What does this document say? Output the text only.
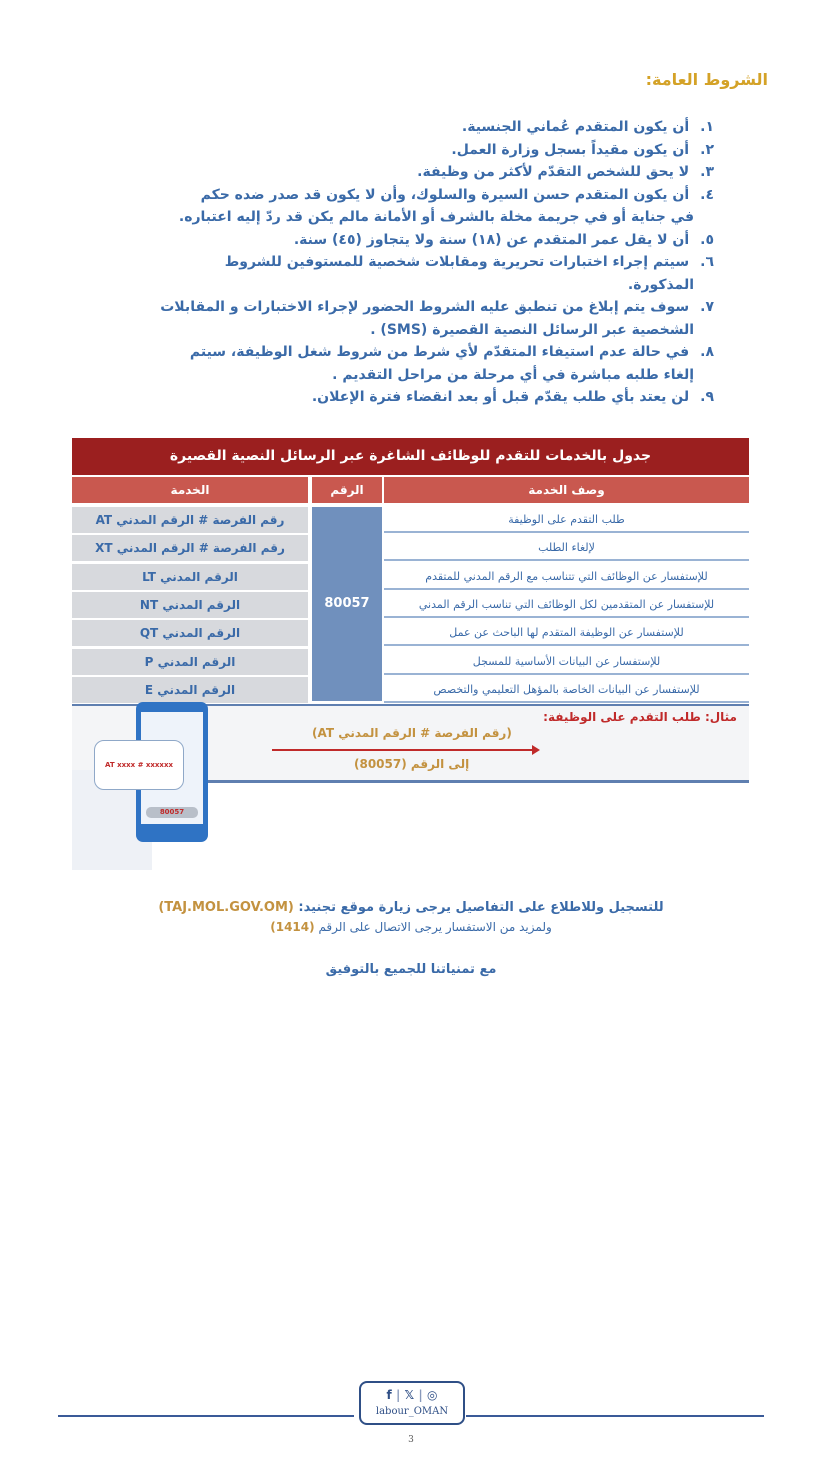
الشروط العامة:
١. أن يكون المتقدم عُماني الجنسية.
٢. أن يكون مقيداً بسجل وزارة العمل.
٣. لا يحق للشخص التقدّم لأكثر من وظيفة.
٤. أن يكون المتقدم حسن السيرة والسلوك، وأن لا يكون قد صدر ضده حكم
في جناية أو في جريمة مخلة بالشرف أو الأمانة مالم يكن قد ردّ إليه اعتباره.
٥. أن لا يقل عمر المتقدم عن (١٨) سنة ولا يتجاوز (٤٥) سنة.
٦. سيتم إجراء اختبارات تحريرية ومقابلات شخصية للمستوفين للشروط
المذكورة.
٧. سوف يتم إبلاغ من تنطبق عليه الشروط الحضور لإجراء الاختبارات و المقابلات
الشخصية عبر الرسائل النصية القصيرة (SMS) .
٨. في حالة عدم استيفاء المتقدّم لأي شرط من شروط شغل الوظيفة، سيتم
إلغاء طلبه مباشرة في أي مرحلة من مراحل التقديم .
٩. لن يعتد بأي طلب يقدّم قبل أو بعد انقضاء فترة الإعلان.
جدول بالخدمات للتقدم للوظائف الشاغرة عبر الرسائل النصية القصيرة
الخدمة	الرقم	وصف الخدمة
80057
رقم الفرصة # الرقم المدني AT	طلب التقدم على الوظيفة
رقم الفرصة # الرقم المدني XT	لإلغاء الطلب
الرقم المدني LT	للإستفسار عن الوظائف التي تتناسب مع الرقم المدني للمتقدم
الرقم المدني NT	للإستفسار عن المتقدمين لكل الوظائف التي تناسب الرقم المدني
الرقم المدني QT	للإستفسار عن الوظيفة المتقدم لها الباحث عن عمل
الرقم المدني P	للإستفسار عن البيانات الأساسية للمسجل
الرقم المدني E	للإستفسار عن البيانات الخاصة بالمؤهل التعليمي والتخصص
مثال: طلب التقدم على الوظيفة:
(رقم الفرصة # الرقم المدني AT)
إلى الرقم (80057)
AT xxxx # xxxxxx
80057
للتسجيل وللاطلاع على التفاصيل يرجى زيارة موقع تجنيد: (TAJ.MOL.GOV.OM)
ولمزيد من الاستفسار يرجى الاتصال على الرقم (1414)
مع تمنياتنا للجميع بالتوفيق
f | 𝕏 | ◎
labour_OMAN
3
